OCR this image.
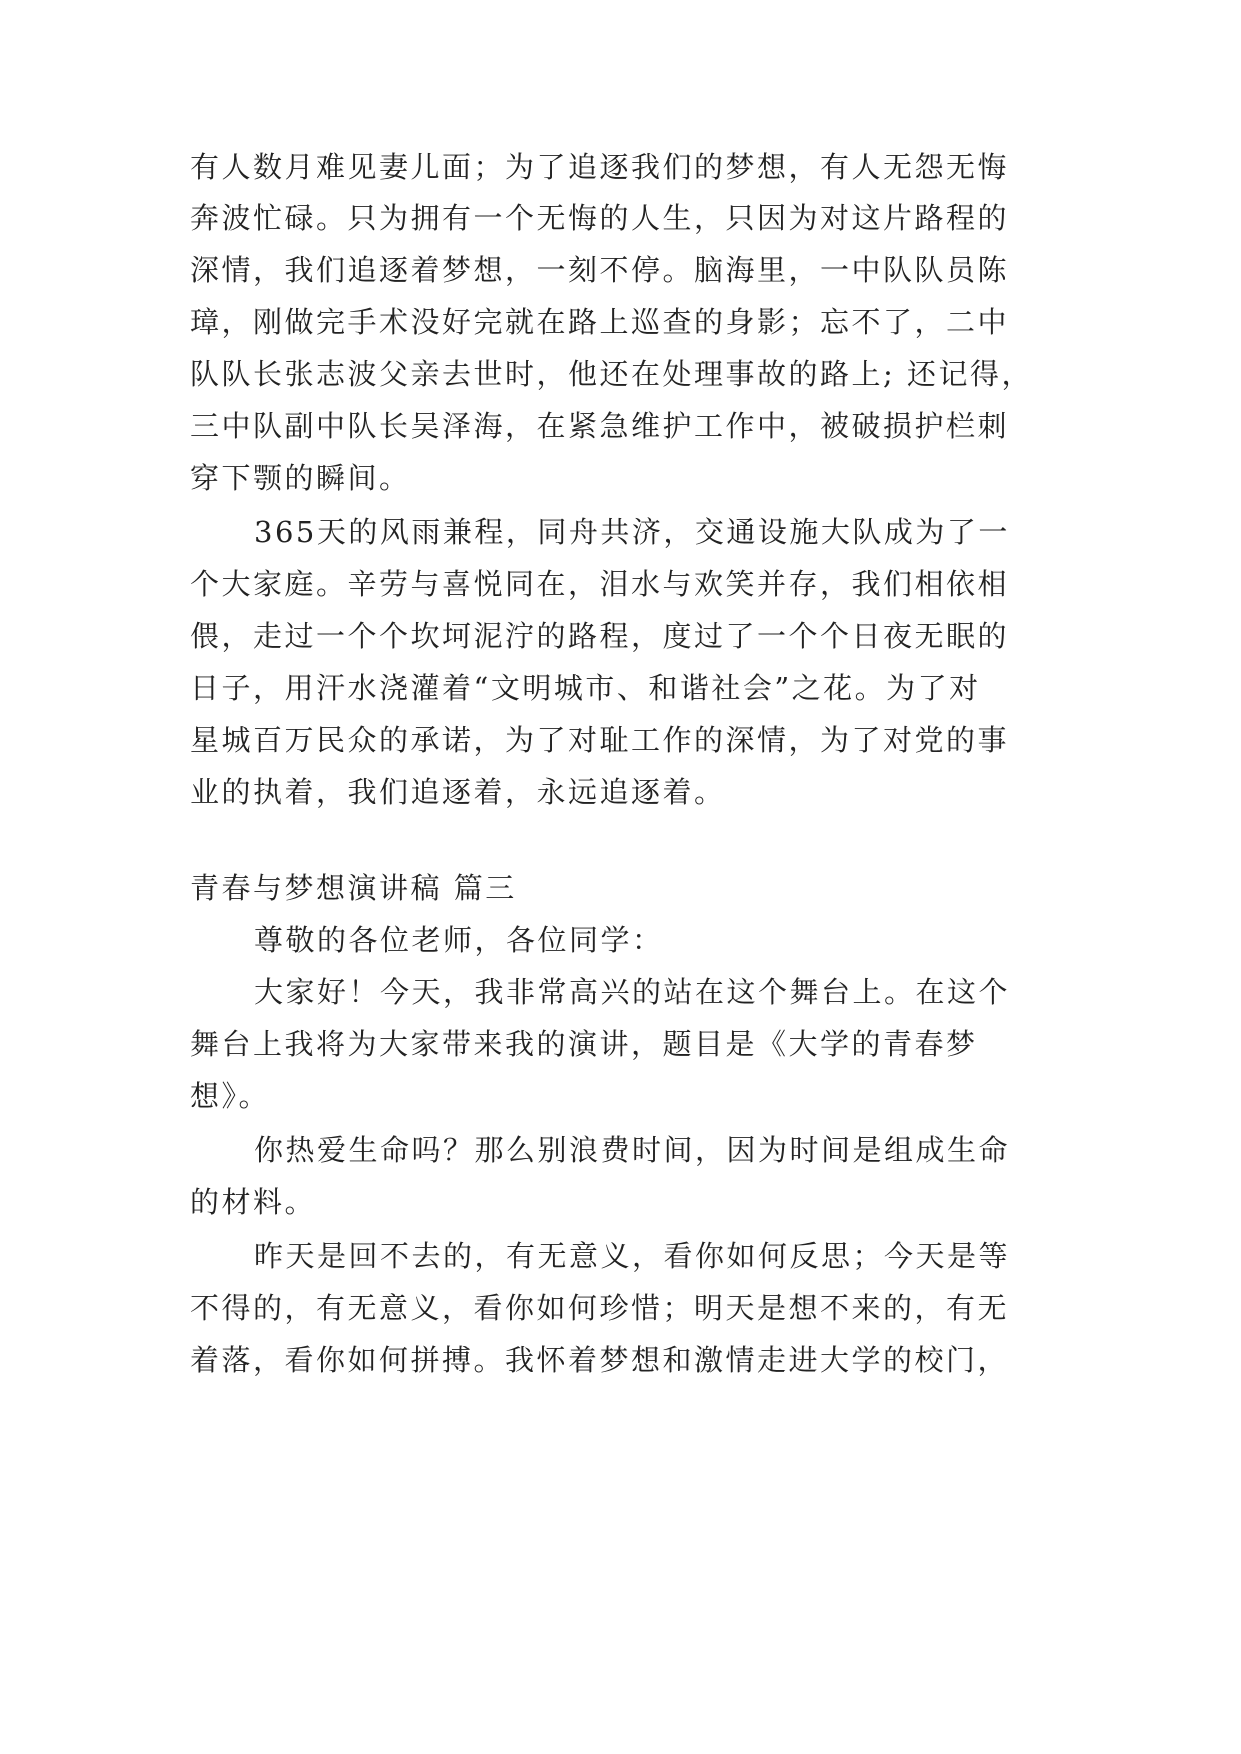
有人数月难见妻儿面；为了追逐我们的梦想，有人无怨无悔
奔波忙碌。只为拥有一个无悔的人生，只因为对这片路程的
深情，我们追逐着梦想，一刻不停。脑海里，一中队队员陈
璋，刚做完手术没好完就在路上巡查的身影；忘不了，二中
队队长张志波父亲去世时，他还在处理事故的路上; 还记得，
三中队副中队长吴泽海，在紧急维护工作中，被破损护栏刺
穿下颚的瞬间。
365天的风雨兼程，同舟共济，交通设施大队成为了一
个大家庭。辛劳与喜悦同在，泪水与欢笑并存，我们相依相
偎，走过一个个坎坷泥泞的路程，度过了一个个日夜无眠的
日子，用汗水浇灌着“文明城市、和谐社会”之花。为了对
星城百万民众的承诺，为了对耻工作的深情，为了对党的事
业的执着，我们追逐着，永远追逐着。
青春与梦想演讲稿 篇三
尊敬的各位老师，各位同学：
大家好！今天，我非常高兴的站在这个舞台上。在这个
舞台上我将为大家带来我的演讲，题目是《大学的青春梦
想》。
你热爱生命吗？那么别浪费时间，因为时间是组成生命
的材料。
昨天是回不去的，有无意义，看你如何反思；今天是等
不得的，有无意义，看你如何珍惜；明天是想不来的，有无
着落，看你如何拼搏。我怀着梦想和激情走进大学的校门，
